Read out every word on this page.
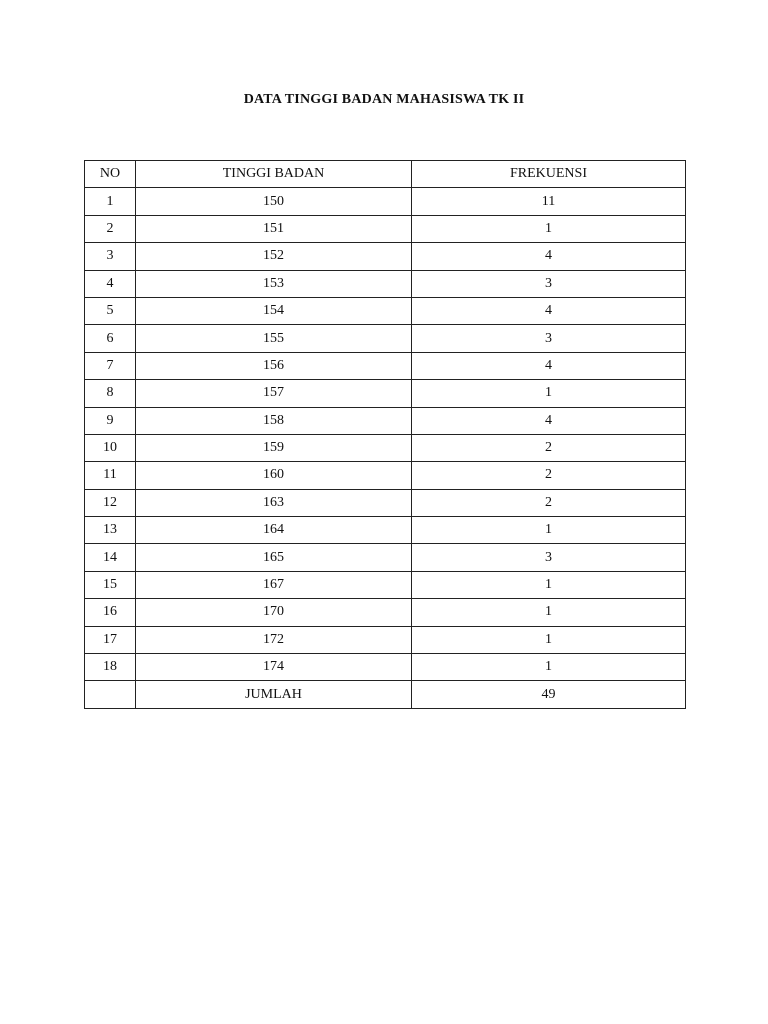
DATA TINGGI BADAN MAHASISWA TK II
NO	TINGGI BADAN	FREKUENSI
1	150	11
2	151	1
3	152	4
4	153	3
5	154	4
6	155	3
7	156	4
8	157	1
9	158	4
10	159	2
11	160	2
12	163	2
13	164	1
14	165	3
15	167	1
16	170	1
17	172	1
18	174	1
	JUMLAH	49
